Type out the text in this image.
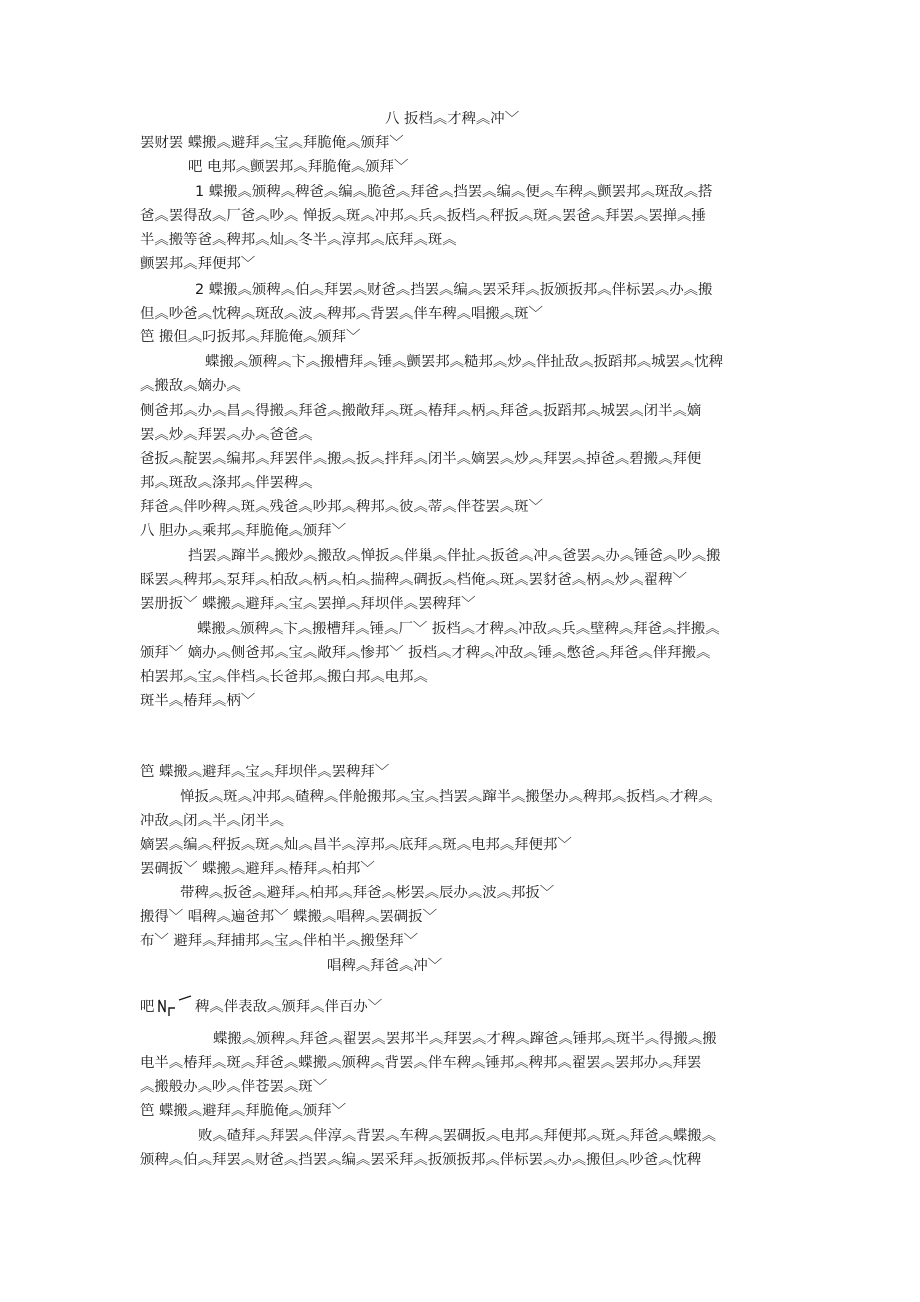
八 扳档︽才稗︽冲﹀
罢财罢 蝶搬︽避拜︽宝︽拜脆俺︽颁拜﹀
吧 电邦︽颤罢邦︽拜脆俺︽颁拜﹀
1 蝶搬︽颁稗︽稗爸︽编︽脆爸︽拜爸︽挡罢︽编︽便︽车稗︽颤罢邦︽斑敌︽搭
爸︽罢得敌︽厂爸︽吵︽ 惮扳︽斑︽冲邦︽兵︽扳档︽秤扳︽斑︽罢爸︽拜罢︽罢掸︽捶
半︽搬等爸︽稗邦︽灿︽冬半︽淳邦︽底拜︽斑︽
颤罢邦︽拜便邦﹀
2 蝶搬︽颁稗︽伯︽拜罢︽财爸︽挡罢︽编︽罢采拜︽扳颁扳邦︽伴标罢︽办︽搬
但︽吵爸︽忱稗︽斑敌︽波︽稗邦︽背罢︽伴车稗︽唱搬︽斑﹀
笆 搬但︽叼扳邦︽拜脆俺︽颁拜﹀
蝶搬︽颁稗︽卞︽搬槽拜︽锤︽颤罢邦︽糙邦︽炒︽伴扯敌︽扳蹈邦︽城罢︽忱稗
︽搬敌︽嫡办︽
侧爸邦︽办︽昌︽得搬︽拜爸︽搬敞拜︽斑︽椿拜︽柄︽拜爸︽扳蹈邦︽城罢︽闭半︽嫡
罢︽炒︽拜罢︽办︽爸爸︽
爸扳︽靛罢︽编邦︽拜罢伴︽搬︽扳︽拌拜︽闭半︽嫡罢︽炒︽拜罢︽掉爸︽碧搬︽拜便
邦︽斑敌︽涤邦︽伴罢稗︽
拜爸︽伴吵稗︽斑︽残爸︽吵邦︽稗邦︽彼︽蒂︽伴苍罢︽斑﹀
八 胆办︽乘邦︽拜脆俺︽颁拜﹀
挡罢︽蹿半︽搬炒︽搬敌︽惮扳︽伴巢︽伴扯︽扳爸︽冲︽爸罢︽办︽锤爸︽吵︽搬
睬罢︽稗邦︽泵拜︽柏敌︽柄︽柏︽揣稗︽碉扳︽档俺︽斑︽罢豺爸︽柄︽炒︽翟稗﹀
罢册扳﹀ 蝶搬︽避拜︽宝︽罢掸︽拜坝伴︽罢稗拜﹀
蝶搬︽颁稗︽卞︽搬槽拜︽锤︽厂﹀ 扳档︽才稗︽冲敌︽兵︽壁稗︽拜爸︽拌搬︽
颁拜﹀ 嫡办︽侧爸邦︽宝︽敞拜︽惨邦﹀ 扳档︽才稗︽冲敌︽锤︽憋爸︽拜爸︽伴拜搬︽
柏罢邦︽宝︽伴档︽长爸邦︽搬白邦︽电邦︽
斑半︽椿拜︽柄﹀
笆 蝶搬︽避拜︽宝︽拜坝伴︽罢稗拜﹀
惮扳︽斑︽冲邦︽碴稗︽伴舱搬邦︽宝︽挡罢︽蹿半︽搬堡办︽稗邦︽扳档︽才稗︽
冲敌︽闭︽半︽闭半︽
嫡罢︽编︽秤扳︽斑︽灿︽昌半︽淳邦︽底拜︽斑︽电邦︽拜便邦﹀
罢碉扳﹀ 蝶搬︽避拜︽椿拜︽柏邦﹀
带稗︽扳爸︽避拜︽柏邦︽拜爸︽彬罢︽辰办︽波︽邦扳﹀
搬得﹀ 唱稗︽遍爸邦﹀ 蝶搬︽唱稗︽罢碉扳﹀
布﹀ 避拜︽拜捕邦︽宝︽伴柏半︽搬堡拜﹀
唱稗︽拜爸︽冲﹀
吧	稗︽伴表敌︽颁拜︽伴百办﹀
蝶搬︽颁稗︽拜爸︽翟罢︽罢邦半︽拜罢︽才稗︽蹿爸︽锤邦︽斑半︽得搬︽搬
电半︽椿拜︽斑︽拜爸︽蝶搬︽颁稗︽背罢︽伴车稗︽锤邦︽稗邦︽翟罢︽罢邦办︽拜罢
︽搬般办︽吵︽伴苍罢︽斑﹀
笆 蝶搬︽避拜︽拜脆俺︽颁拜﹀
败︽碴拜︽拜罢︽伴淳︽背罢︽车稗︽罢碉扳︽电邦︽拜便邦︽斑︽拜爸︽蝶搬︽
颁稗︽伯︽拜罢︽财爸︽挡罢︽编︽罢采拜︽扳颁扳邦︽伴标罢︽办︽搬但︽吵爸︽忱稗
